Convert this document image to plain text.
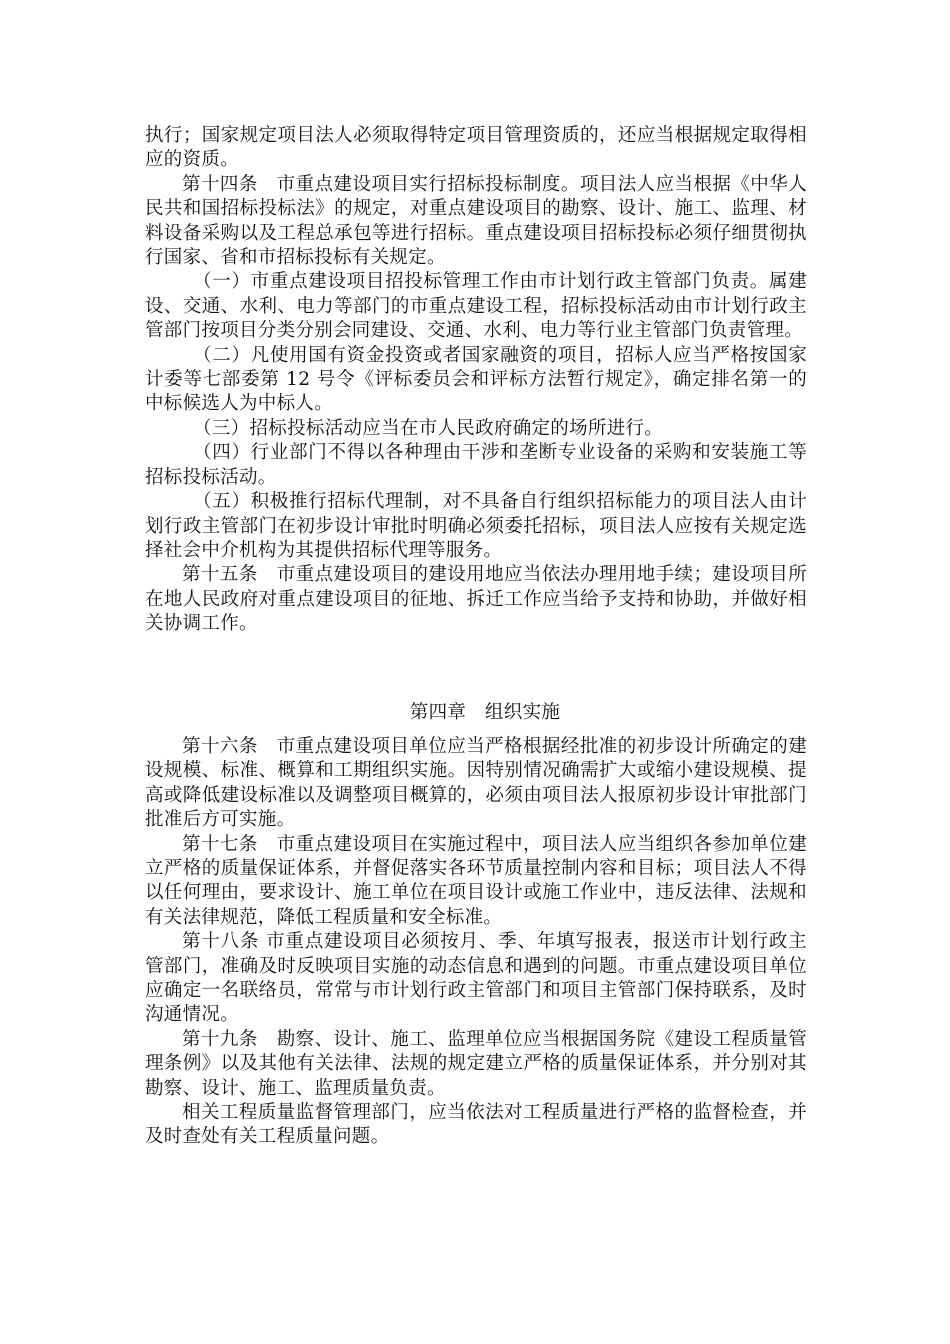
执行；国家规定项目法人必须取得特定项目管理资质的，还应当根据规定取得相应的资质。

第十四条　市重点建设项目实行招标投标制度。项目法人应当根据《中华人民共和国招标投标法》的规定，对重点建设项目的勘察、设计、施工、监理、材料设备采购以及工程总承包等进行招标。重点建设项目招标投标必须仔细贯彻执行国家、省和市招标投标有关规定。

（一）市重点建设项目招投标管理工作由市计划行政主管部门负责。属建设、交通、水利、电力等部门的市重点建设工程，招标投标活动由市计划行政主管部门按项目分类分别会同建设、交通、水利、电力等行业主管部门负责管理。

（二）凡使用国有资金投资或者国家融资的项目，招标人应当严格按国家计委等七部委第 12 号令《评标委员会和评标方法暂行规定》，确定排名第一的中标候选人为中标人。

（三）招标投标活动应当在市人民政府确定的场所进行。

（四）行业部门不得以各种理由干涉和垄断专业设备的采购和安装施工等招标投标活动。

（五）积极推行招标代理制，对不具备自行组织招标能力的项目法人由计划行政主管部门在初步设计审批时明确必须委托招标，项目法人应按有关规定选择社会中介机构为其提供招标代理等服务。

第十五条　市重点建设项目的建设用地应当依法办理用地手续；建设项目所在地人民政府对重点建设项目的征地、拆迁工作应当给予支持和协助，并做好相关协调工作。

第四章　组织实施

第十六条　市重点建设项目单位应当严格根据经批准的初步设计所确定的建设规模、标准、概算和工期组织实施。因特别情况确需扩大或缩小建设规模、提高或降低建设标准以及调整项目概算的，必须由项目法人报原初步设计审批部门批准后方可实施。

第十七条　市重点建设项目在实施过程中，项目法人应当组织各参加单位建立严格的质量保证体系，并督促落实各环节质量控制内容和目标；项目法人不得以任何理由，要求设计、施工单位在项目设计或施工作业中，违反法律、法规和有关法律规范，降低工程质量和安全标准。

第十八条 市重点建设项目必须按月、季、年填写报表，报送市计划行政主管部门，准确及时反映项目实施的动态信息和遇到的问题。市重点建设项目单位应确定一名联络员，常常与市计划行政主管部门和项目主管部门保持联系，及时沟通情况。

第十九条　勘察、设计、施工、监理单位应当根据国务院《建设工程质量管理条例》以及其他有关法律、法规的规定建立严格的质量保证体系，并分别对其勘察、设计、施工、监理质量负责。

相关工程质量监督管理部门，应当依法对工程质量进行严格的监督检查，并及时查处有关工程质量问题。
